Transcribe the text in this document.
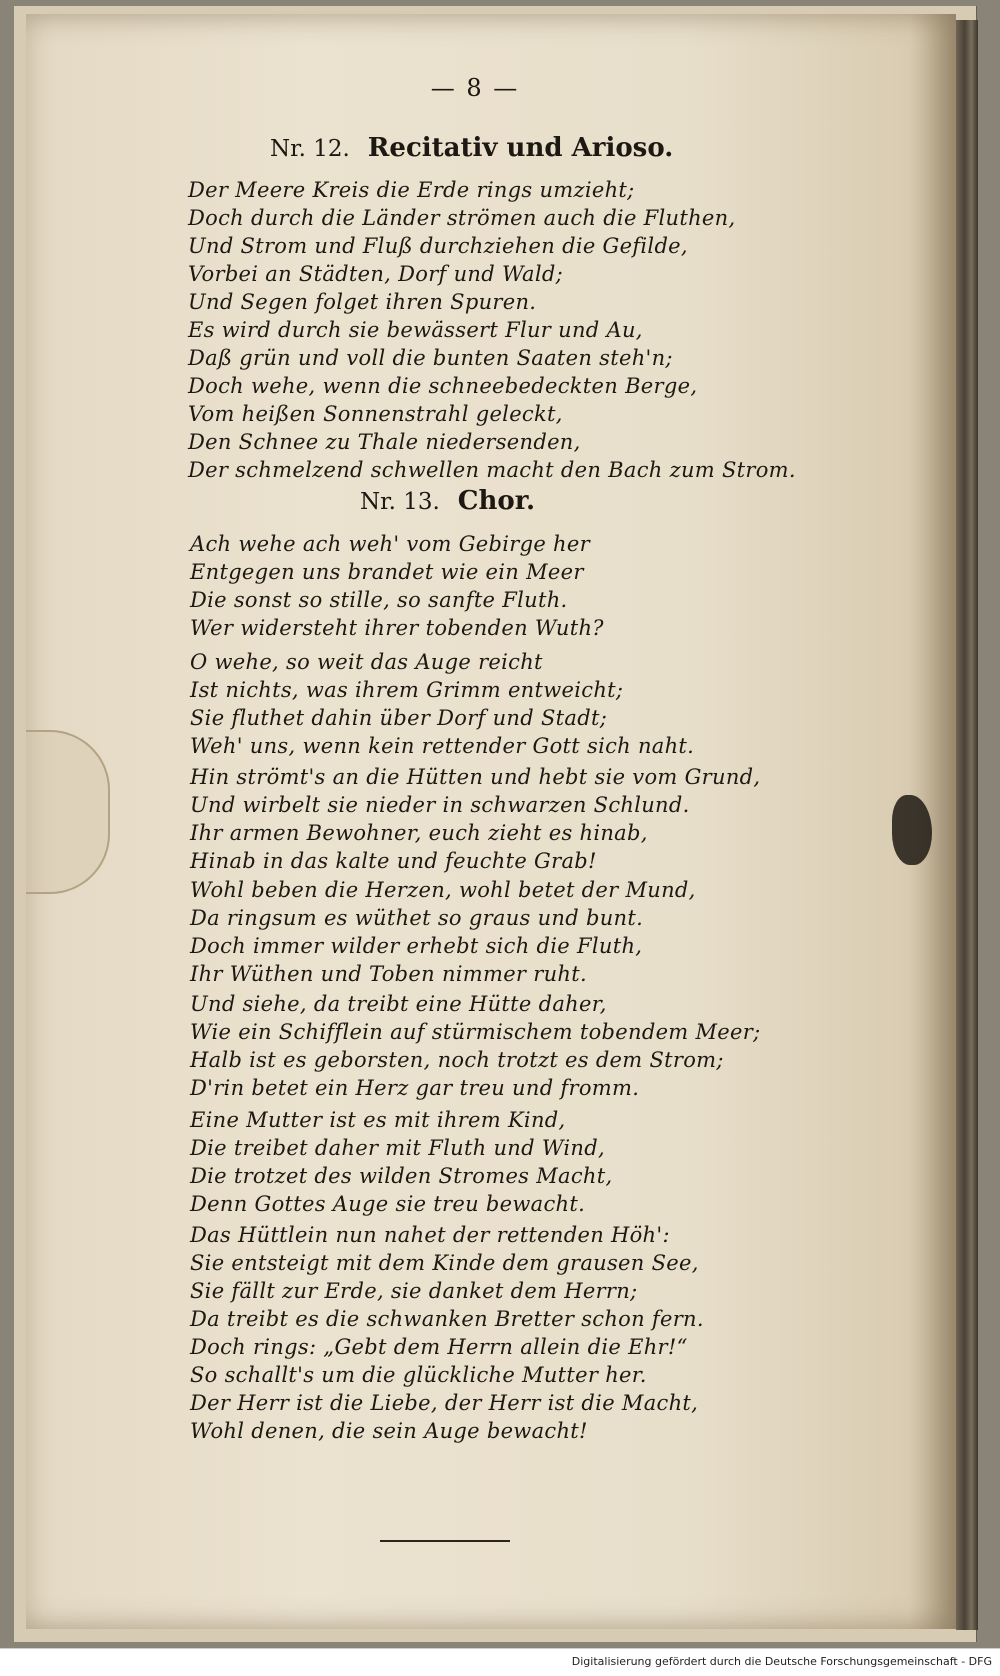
— 8 —
Nr. 12. Recitativ und Arioso.
Der Meere Kreis die Erde rings umzieht;
Doch durch die Länder strömen auch die Fluthen,
Und Strom und Fluß durchziehen die Gefilde,
Vorbei an Städten, Dorf und Wald;
Und Segen folget ihren Spuren.
Es wird durch sie bewässert Flur und Au,
Daß grün und voll die bunten Saaten steh'n;
Doch wehe, wenn die schneebedeckten Berge,
Vom heißen Sonnenstrahl geleckt,
Den Schnee zu Thale niedersenden,
Der schmelzend schwellen macht den Bach zum Strom.
Nr. 13. Chor.
Ach wehe ach weh' vom Gebirge her
Entgegen uns brandet wie ein Meer
Die sonst so stille, so sanfte Fluth.
Wer widersteht ihrer tobenden Wuth?
O wehe, so weit das Auge reicht
Ist nichts, was ihrem Grimm entweicht;
Sie fluthet dahin über Dorf und Stadt;
Weh' uns, wenn kein rettender Gott sich naht.
Hin strömt's an die Hütten und hebt sie vom Grund,
Und wirbelt sie nieder in schwarzen Schlund.
Ihr armen Bewohner, euch zieht es hinab,
Hinab in das kalte und feuchte Grab!
Wohl beben die Herzen, wohl betet der Mund,
Da ringsum es wüthet so graus und bunt.
Doch immer wilder erhebt sich die Fluth,
Ihr Wüthen und Toben nimmer ruht.
Und siehe, da treibt eine Hütte daher,
Wie ein Schifflein auf stürmischem tobendem Meer;
Halb ist es geborsten, noch trotzt es dem Strom;
D'rin betet ein Herz gar treu und fromm.
Eine Mutter ist es mit ihrem Kind,
Die treibet daher mit Fluth und Wind,
Die trotzet des wilden Stromes Macht,
Denn Gottes Auge sie treu bewacht.
Das Hüttlein nun nahet der rettenden Höh':
Sie entsteigt mit dem Kinde dem grausen See,
Sie fällt zur Erde, sie danket dem Herrn;
Da treibt es die schwanken Bretter schon fern.
Doch rings: „Gebt dem Herrn allein die Ehr!“
So schallt's um die glückliche Mutter her.
Der Herr ist die Liebe, der Herr ist die Macht,
Wohl denen, die sein Auge bewacht!
Digitalisierung gefördert durch die Deutsche Forschungsgemeinschaft - DFG
